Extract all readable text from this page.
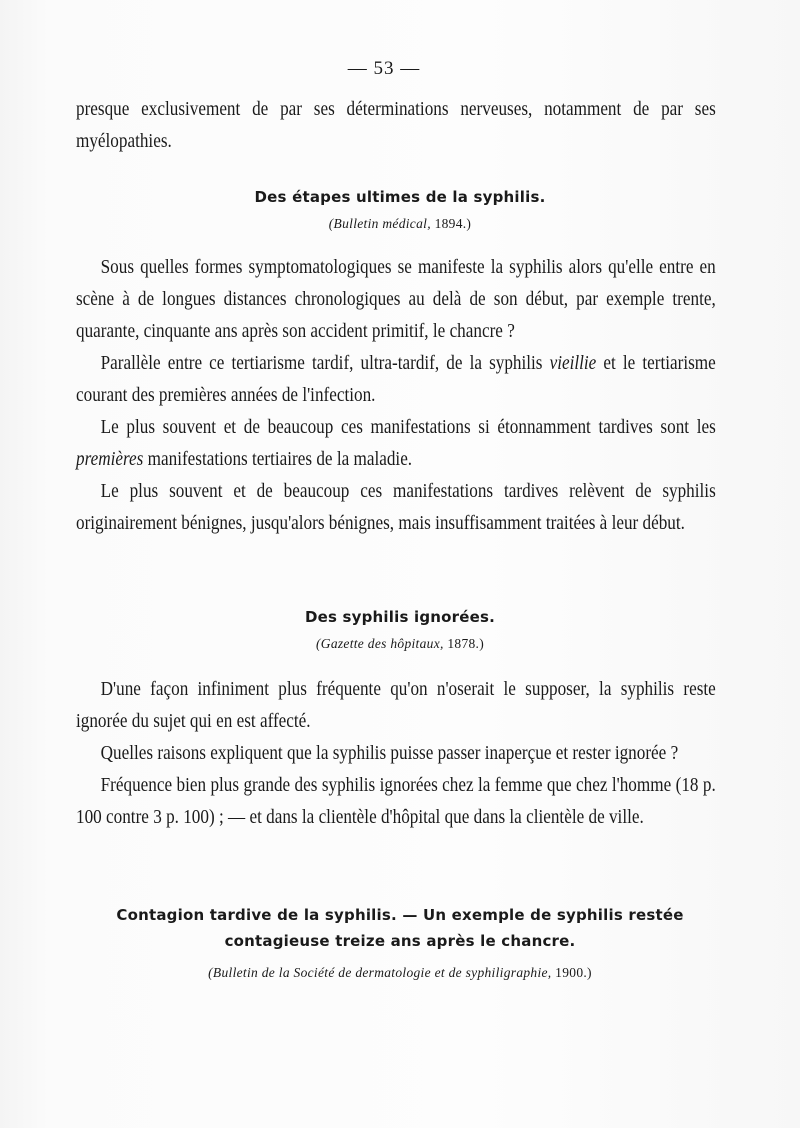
— 53 —

presque exclusivement de par ses déterminations nerveuses, notamment de par ses myélopathies.

Des étapes ultimes de la syphilis.

(Bulletin médical, 1894.)

Sous quelles formes symptomatologiques se manifeste la syphilis alors qu'elle entre en scène à de longues distances chronologiques au delà de son début, par exemple trente, quarante, cinquante ans après son accident primitif, le chancre ?

Parallèle entre ce tertiarisme tardif, ultra-tardif, de la syphilis vieillie et le tertiarisme courant des premières années de l'infection.

Le plus souvent et de beaucoup ces manifestations si étonnamment tardives sont les premières manifestations tertiaires de la maladie.

Le plus souvent et de beaucoup ces manifestations tardives relèvent de syphilis originairement bénignes, jusqu'alors bénignes, mais insuffisamment traitées à leur début.

Des syphilis ignorées.

(Gazette des hôpitaux, 1878.)

D'une façon infiniment plus fréquente qu'on n'oserait le supposer, la syphilis reste ignorée du sujet qui en est affecté.

Quelles raisons expliquent que la syphilis puisse passer inaperçue et rester ignorée ?

Fréquence bien plus grande des syphilis ignorées chez la femme que chez l'homme (18 p. 100 contre 3 p. 100) ; — et dans la clientèle d'hôpital que dans la clientèle de ville.

Contagion tardive de la syphilis. — Un exemple de syphilis restée
contagieuse treize ans après le chancre.

(Bulletin de la Société de dermatologie et de syphiligraphie, 1900.)
